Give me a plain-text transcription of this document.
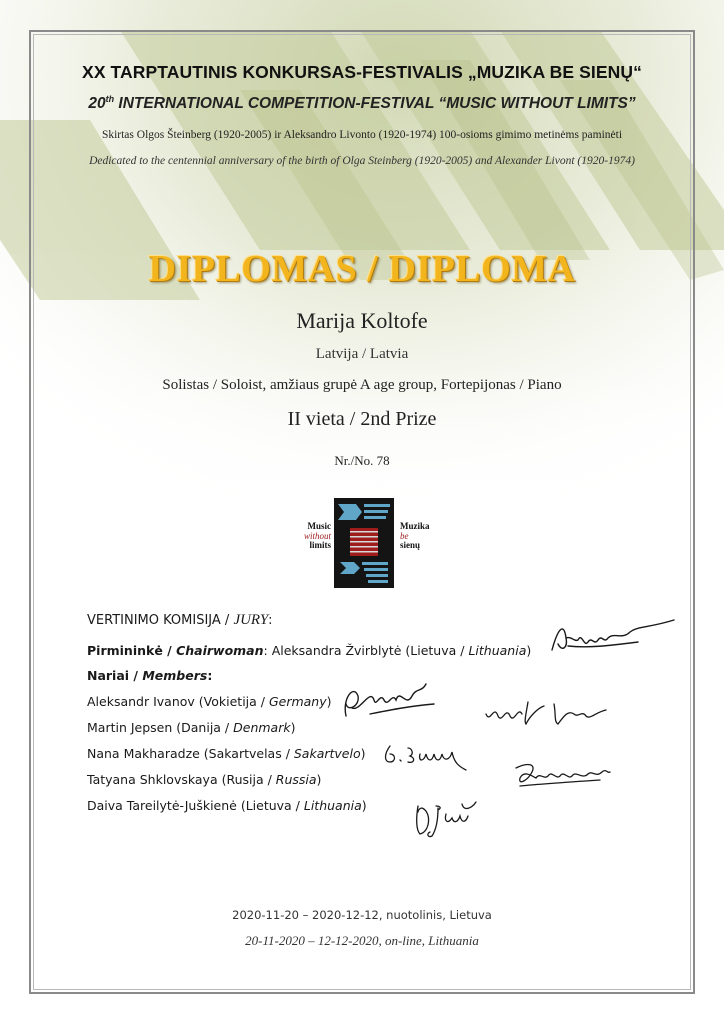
XX TARPTAUTINIS KONKURSAS-FESTIVALIS „MUZIKA BE SIENŲ“
20th INTERNATIONAL COMPETITION-FESTIVAL “MUSIC WITHOUT LIMITS”
Skirtas Olgos Šteinberg (1920-2005) ir Aleksandro Livonto (1920-1974) 100-osioms gimimo metinėms paminėti
Dedicated to the centennial anniversary of the birth of Olga Steinberg (1920-2005) and Alexander Livont (1920-1974)
DIPLOMAS / DIPLOMA
Marija Koltofe
Latvija / Latvia
Solistas / Soloist, amžiaus grupė A age group, Fortepijonas / Piano
II vieta / 2nd Prize
Nr./No. 78
Music
without
limits
Muzika
be
sienų
VERTINIMO KOMISIJA / JURY:
Pirmininkė / Chairwoman: Aleksandra Žvirblytė (Lietuva / Lithuania)
Nariai / Members:
Aleksandr Ivanov (Vokietija / Germany)
Martin Jepsen (Danija / Denmark)
Nana Makharadze (Sakartvelas / Sakartvelo)
Tatyana Shklovskaya (Rusija / Russia)
Daiva Tareilytė-Juškienė (Lietuva / Lithuania)
2020-11-20 – 2020-12-12, nuotolinis, Lietuva
20-11-2020 – 12-12-2020, on-line, Lithuania
